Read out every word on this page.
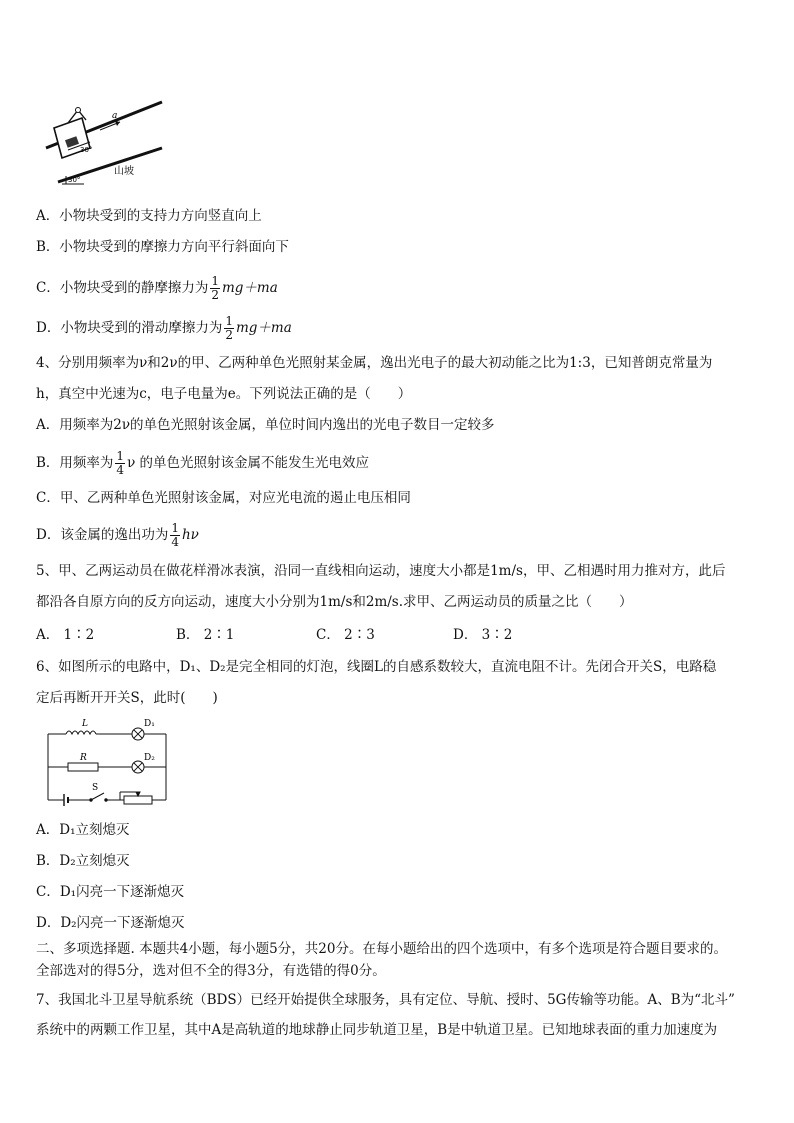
30°
30°
a
山坡
A．小物块受到的支持力方向竖直向上
B．小物块受到的摩擦力方向平行斜面向下
C．小物块受到的静摩擦力为 $\frac{1}{2} mg+ma$
D．小物块受到的滑动摩擦力为 $\frac{1}{2} mg+ma$
4、分别用频率为ν和2ν的甲、乙两种单色光照射某金属，逸出光电子的最大初动能之比为1:3，已知普朗克常量为
h，真空中光速为c，电子电量为e。下列说法正确的是（　　）
A．用频率为2ν的单色光照射该金属，单位时间内逸出的光电子数目一定较多
B．用频率为 $\frac{1}{4}$ ν 的单色光照射该金属不能发生光电效应
C．甲、乙两种单色光照射该金属，对应光电流的遏止电压相同
D．该金属的逸出功为 $\frac{1}{4}$ hν
5、甲、乙两运动员在做花样滑冰表演，沿同一直线相向运动，速度大小都是1m/s，甲、乙相遇时用力推对方，此后
都沿各自原方向的反方向运动，速度大小分别为1m/s和2m/s.求甲、乙两运动员的质量之比（　　）
A． 1∶2	B． 2∶1	C． 2∶3	D． 3∶2
6、如图所示的电路中，D₁、D₂是完全相同的灯泡，线圈L的自感系数较大，直流电阻不计。先闭合开关S，电路稳
定后再断开开关S，此时(　　)
L	D₁
R	D₂
S
A．D₁立刻熄灭
B．D₂立刻熄灭
C．D₁闪亮一下逐渐熄灭
D．D₂闪亮一下逐渐熄灭
二、多项选择题. 本题共4小题，每小题5分，共20分。在每小题给出的四个选项中，有多个选项是符合题目要求的。
全部选对的得5分，选对但不全的得3分，有选错的得0分。
7、我国北斗卫星导航系统（BDS）已经开始提供全球服务，具有定位、导航、授时、5G传输等功能。A、B为“北斗”
系统中的两颗工作卫星，其中A是高轨道的地球静止同步轨道卫星，B是中轨道卫星。已知地球表面的重力加速度为
